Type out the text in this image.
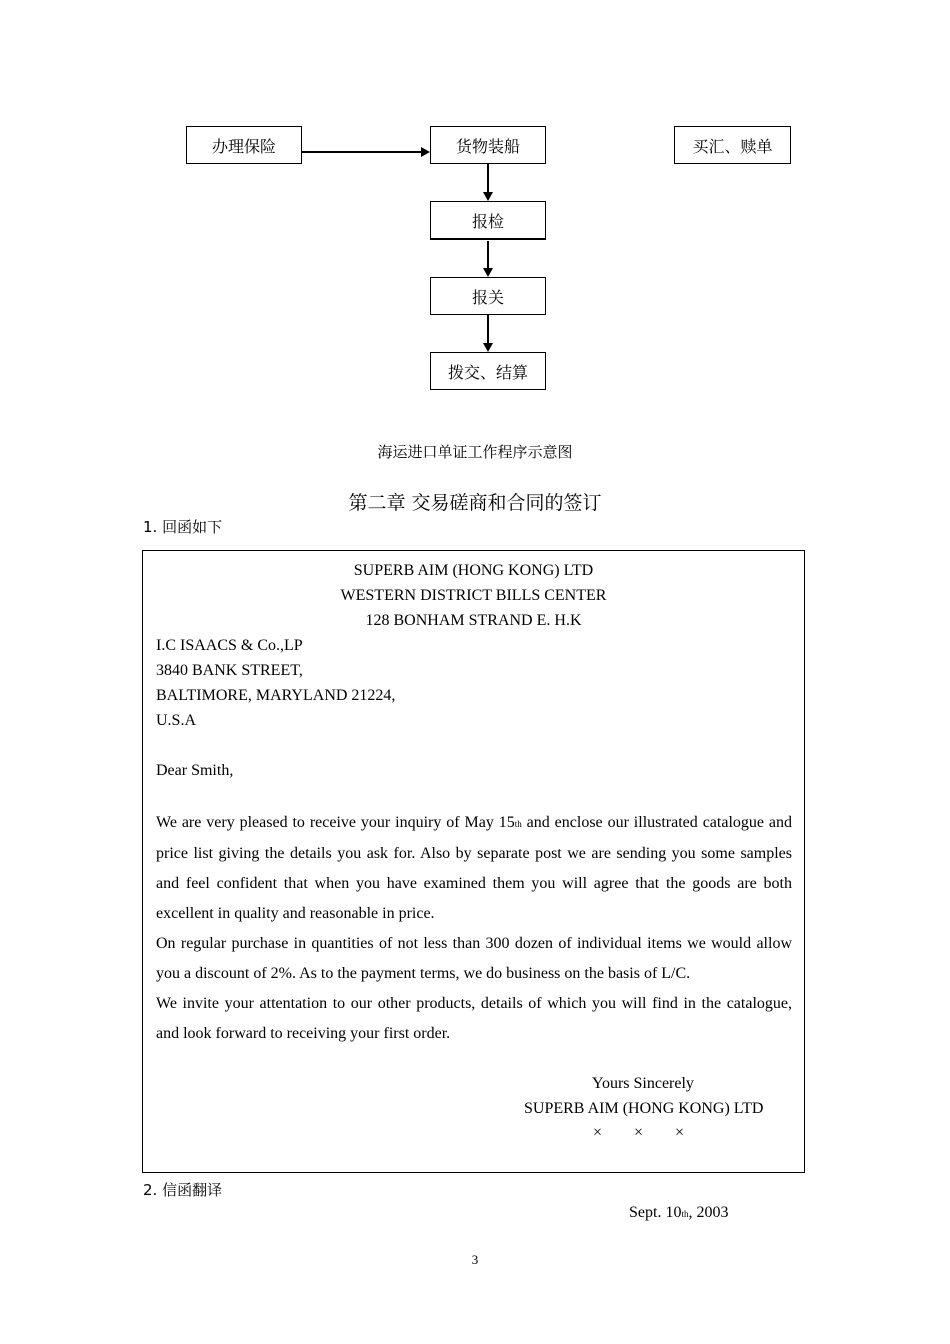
办理保险	货物装船	买汇、赎单
报检
报关
拨交、结算
海运进口单证工作程序示意图
第二章 交易磋商和合同的签订
1. 回函如下
SUPERB AIM (HONG KONG) LTD
WESTERN DISTRICT BILLS CENTER
128 BONHAM STRAND E. H.K
I.C ISAACS & Co.,LP
3840 BANK STREET,
BALTIMORE, MARYLAND 21224,
U.S.A
Dear Smith,

We are very pleased to receive your inquiry of May 15th and enclose our illustrated catalogue and price list giving the details you ask for. Also by separate post we are sending you some samples and feel confident that when you have examined them you will agree that the goods are both excellent in quality and reasonable in price.

On regular purchase in quantities of not less than 300 dozen of individual items we would allow you a discount of 2%. As to the payment terms, we do business on the basis of L/C.

We invite your attentation to our other products, details of which you will find in the catalogue, and look forward to receiving your first order.

Yours Sincerely
SUPERB AIM (HONG KONG) LTD
×        ×        ×
2. 信函翻译
Sept. 10th, 2003
3
